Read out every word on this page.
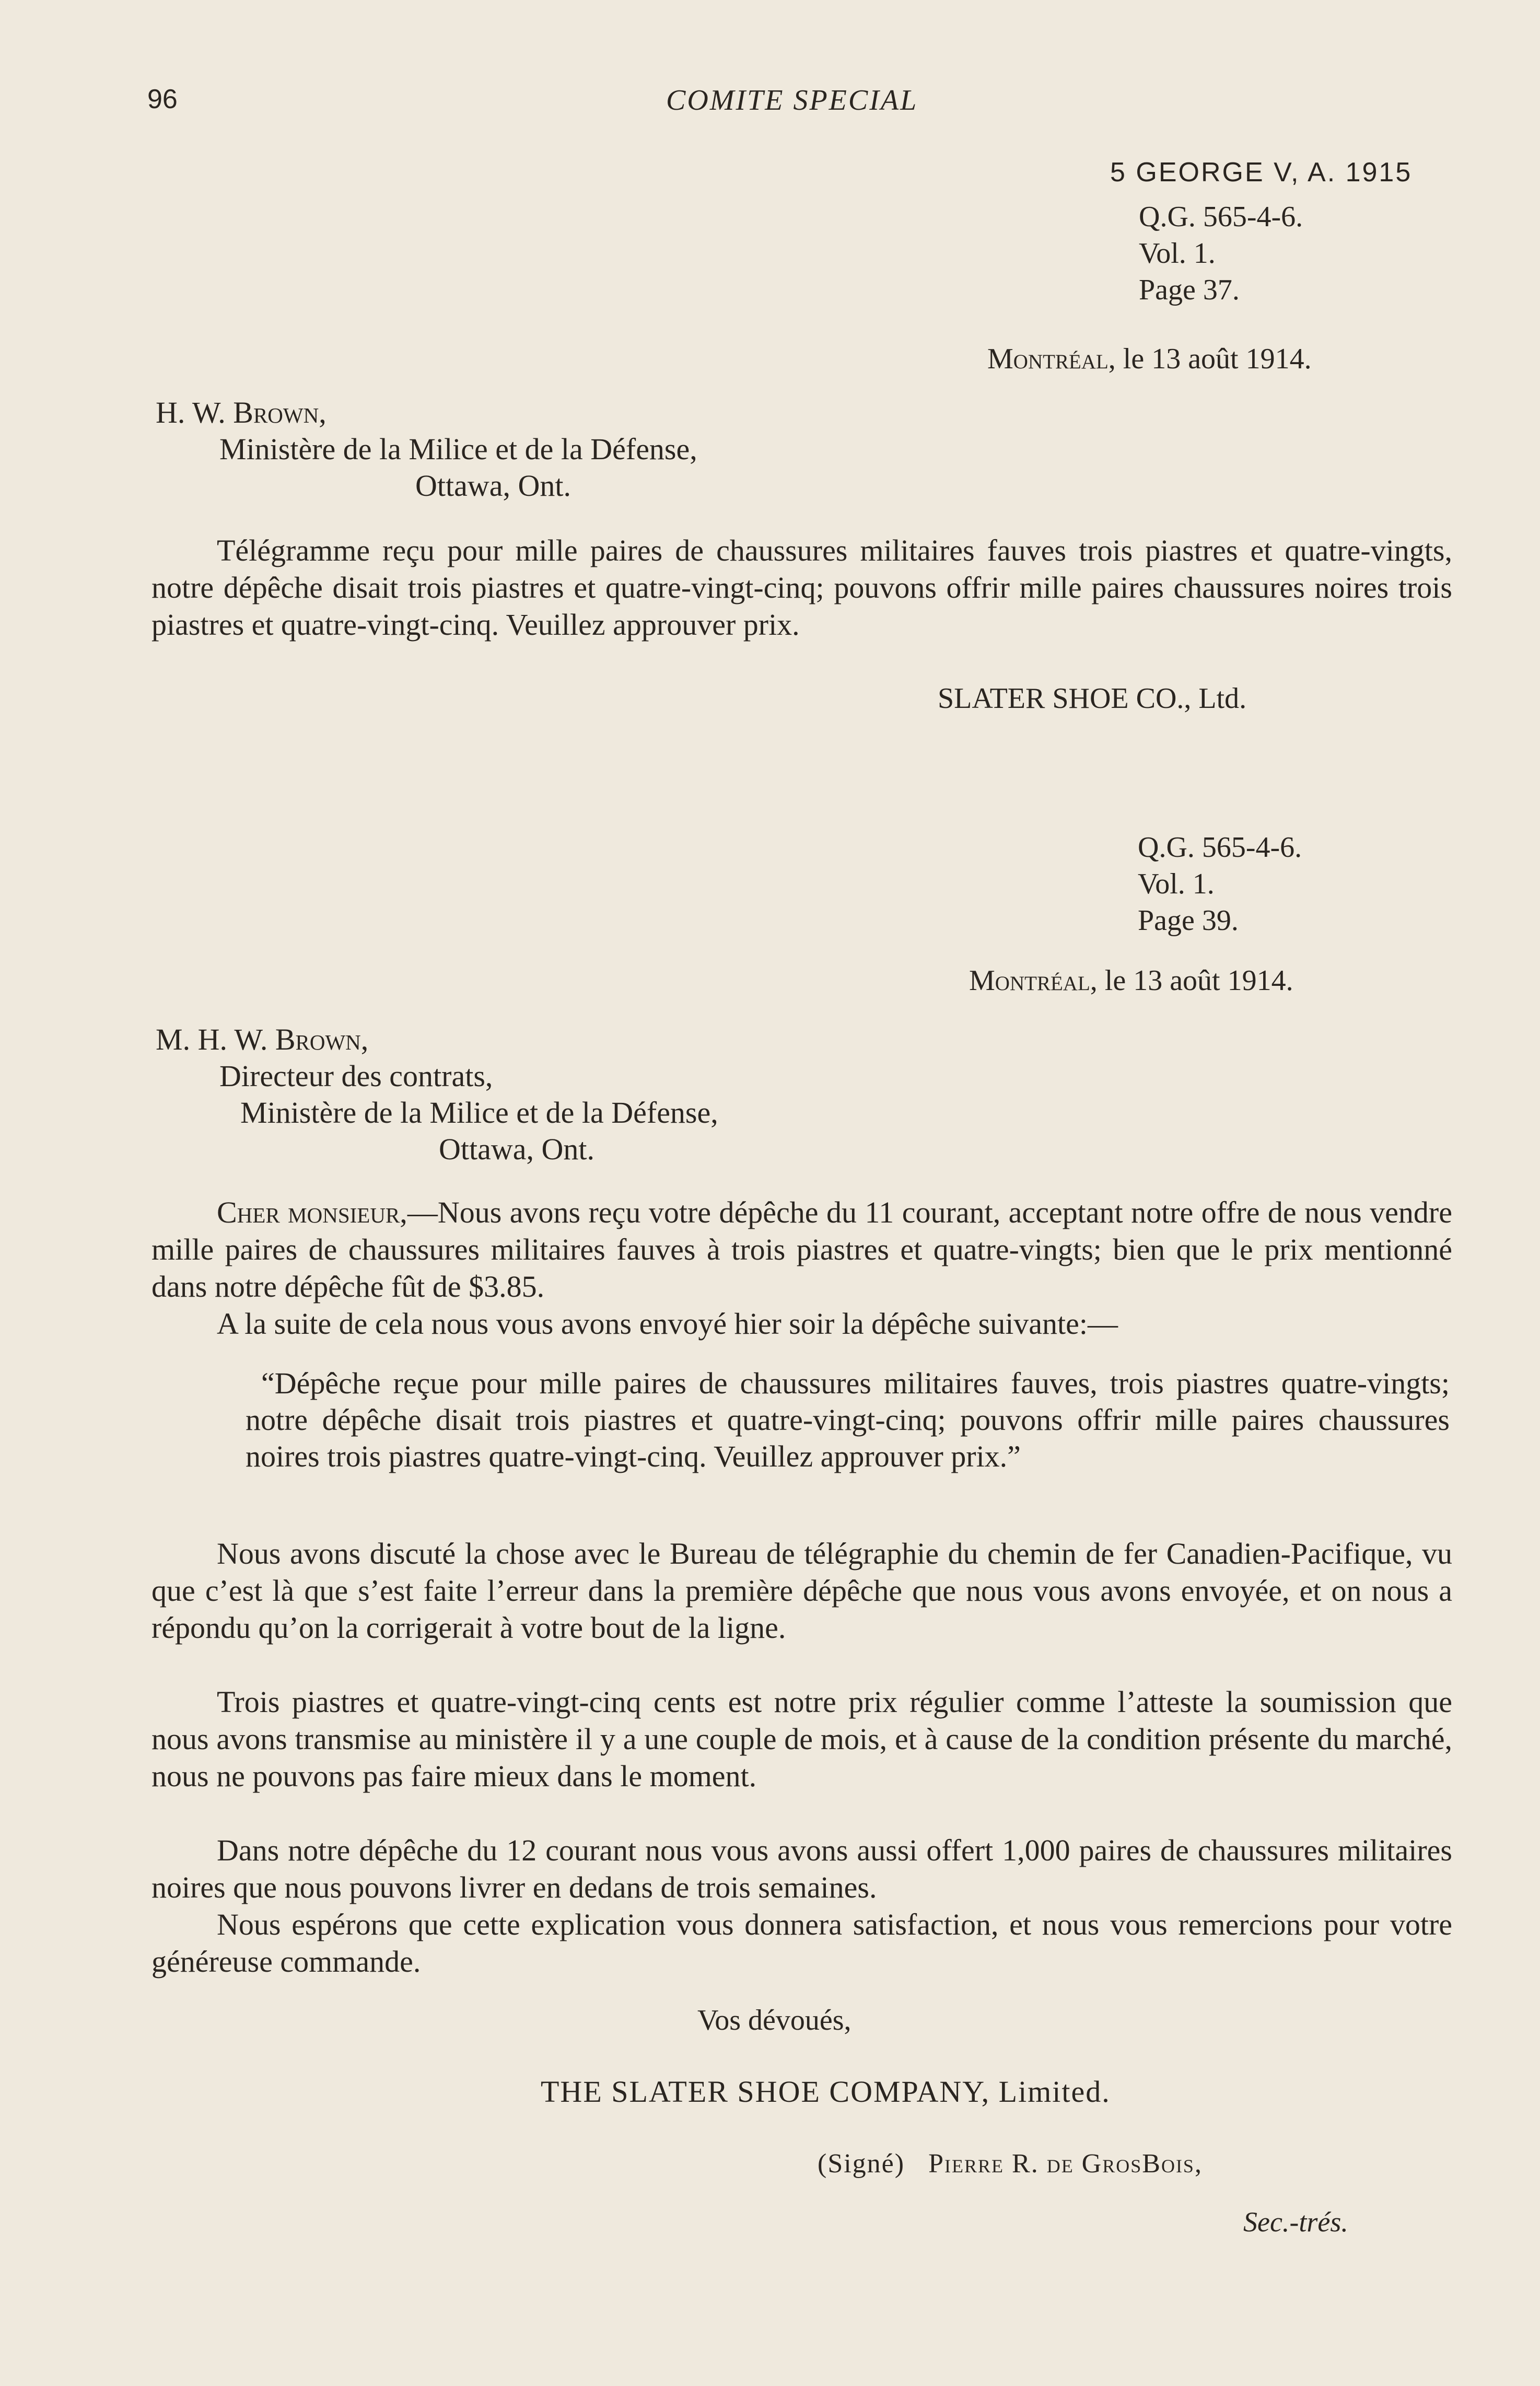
96	COMITE SPECIAL
5 GEORGE V, A. 1915
Q.G. 565-4-6.
Vol. 1.
Page 37.
Montréal, le 13 août 1914.
H. W. Brown,
Ministère de la Milice et de la Défense,
Ottawa, Ont.

Télégramme reçu pour mille paires de chaussures militaires fauves trois piastres et quatre-vingts, notre dépêche disait trois piastres et quatre-vingt-cinq; pouvons offrir mille paires chaussures noires trois piastres et quatre-vingt-cinq. Veuillez approuver prix.

SLATER SHOE CO., Ltd.
Q.G. 565-4-6.
Vol. 1.
Page 39.
Montréal, le 13 août 1914.
M. H. W. Brown,
Directeur des contrats,
Ministère de la Milice et de la Défense,
Ottawa, Ont.

Cher monsieur,—Nous avons reçu votre dépêche du 11 courant, acceptant notre offre de nous vendre mille paires de chaussures militaires fauves à trois piastres et quatre-vingts; bien que le prix mentionné dans notre dépêche fût de $3.85.

A la suite de cela nous vous avons envoyé hier soir la dépêche suivante:—

“Dépêche reçue pour mille paires de chaussures militaires fauves, trois piastres quatre-vingts; notre dépêche disait trois piastres et quatre-vingt-cinq; pouvons offrir mille paires chaussures noires trois piastres quatre-vingt-cinq. Veuillez approuver prix.”

Nous avons discuté la chose avec le Bureau de télégraphie du chemin de fer Canadien-Pacifique, vu que c’est là que s’est faite l’erreur dans la première dépêche que nous vous avons envoyée, et on nous a répondu qu’on la corrigerait à votre bout de la ligne.

Trois piastres et quatre-vingt-cinq cents est notre prix régulier comme l’atteste la soumission que nous avons transmise au ministère il y a une couple de mois, et à cause de la condition présente du marché, nous ne pouvons pas faire mieux dans le moment.

Dans notre dépêche du 12 courant nous vous avons aussi offert 1,000 paires de chaussures militaires noires que nous pouvons livrer en dedans de trois semaines.

Nous espérons que cette explication vous donnera satisfaction, et nous vous remercions pour votre généreuse commande.

Vos dévoués,
THE SLATER SHOE COMPANY, Limited.
(Signé) Pierre R. de GrosBois,
Sec.-trés.
